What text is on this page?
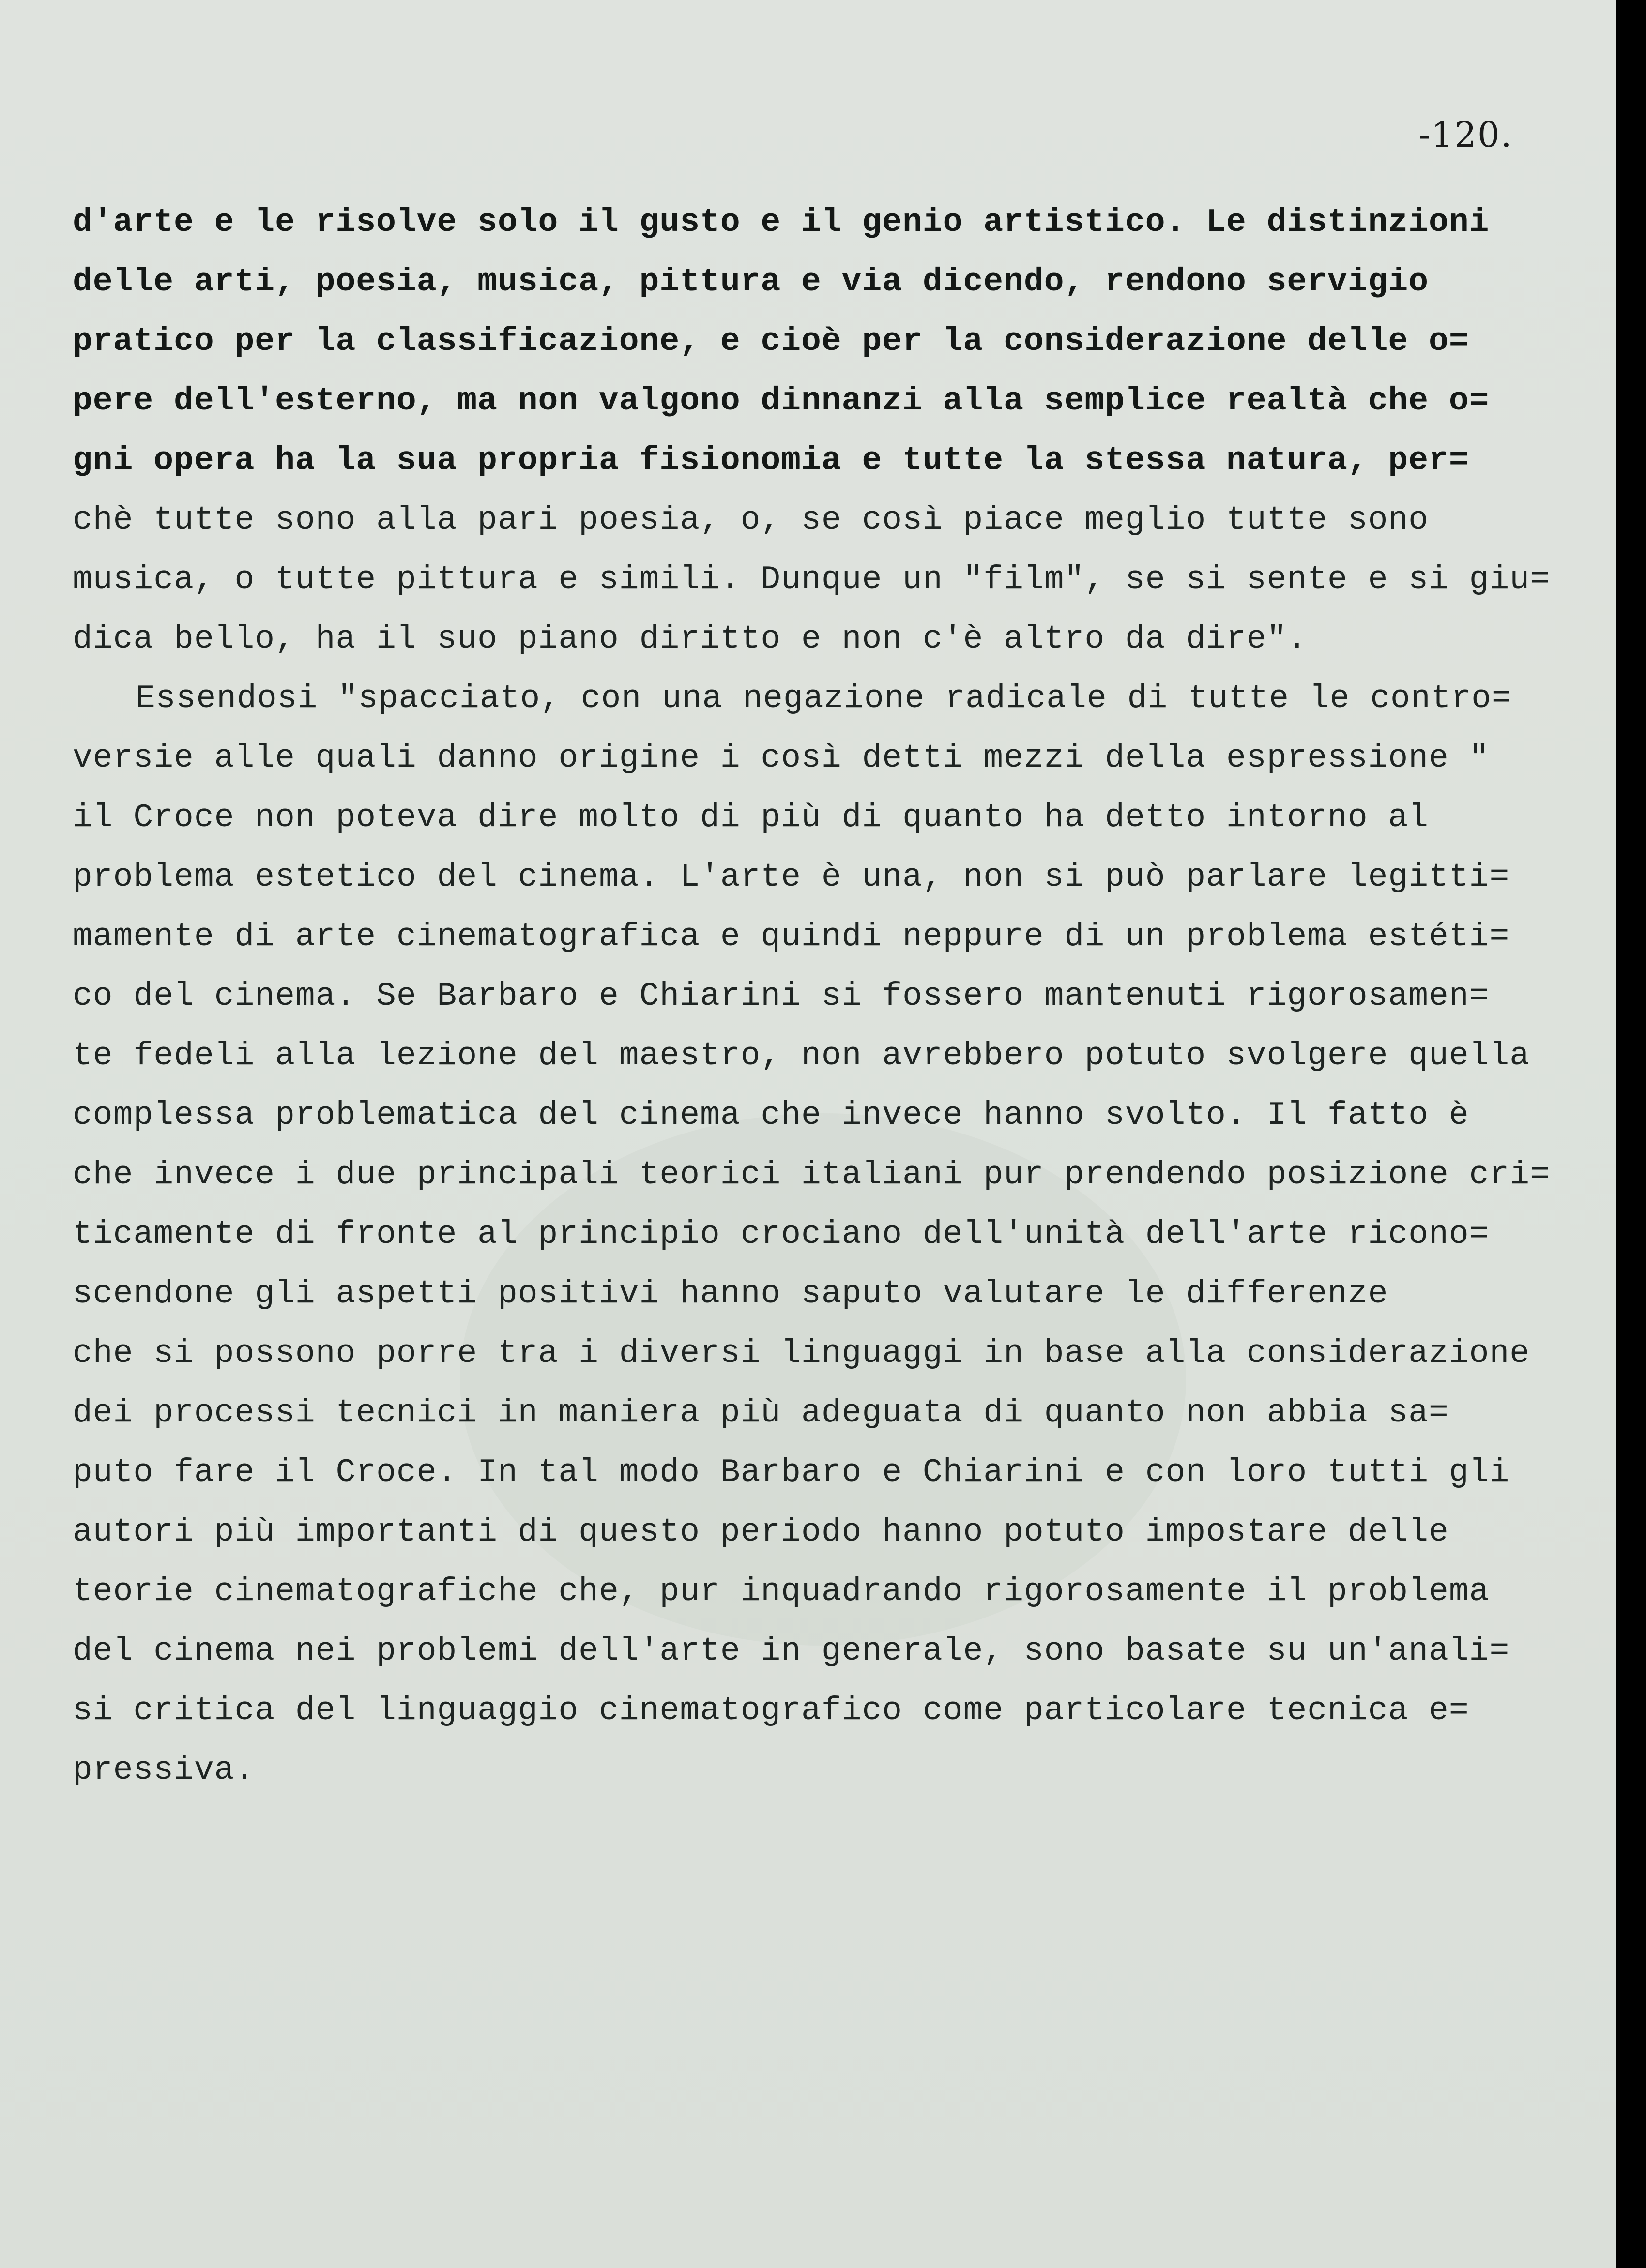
-120.
d'arte e le risolve solo il gusto e il genio artistico. Le distinzioni
delle arti, poesia, musica, pittura e via dicendo, rendono servigio
pratico per la classificazione, e cioè per la considerazione delle o=
pere dell'esterno, ma non valgono dinnanzi alla semplice realtà che o=
gni opera ha la sua propria fisionomia e tutte la stessa natura, per=
chè tutte sono alla pari poesia, o, se così piace meglio tutte sono
musica, o tutte pittura e simili. Dunque un "film", se si sente e si giu=
dica bello, ha il suo piano diritto e non c'è altro da dire".
Essendosi "spacciato, con una negazione radicale di tutte le contro=
versie alle quali danno origine i così detti mezzi della espressione "
il Croce non poteva dire molto di più di quanto ha detto intorno al
problema estetico del cinema. L'arte è una, non si può parlare legitti=
mamente di arte cinematografica e quindi neppure di un problema estéti=
co del cinema. Se Barbaro e Chiarini si fossero mantenuti rigorosamen=
te fedeli alla lezione del maestro, non avrebbero potuto svolgere quella
complessa problematica del cinema che invece hanno svolto. Il fatto è
che invece i due principali teorici italiani pur prendendo posizione cri=
ticamente di fronte al principio crociano dell'unità dell'arte ricono=
scendone gli aspetti positivi hanno saputo valutare le differenze
che si possono porre tra i diversi linguaggi in base alla considerazione
dei processi tecnici in maniera più adeguata di quanto non abbia sa=
puto fare il Croce. In tal modo Barbaro e Chiarini e con loro tutti gli
autori più importanti di questo periodo hanno potuto impostare delle
teorie cinematografiche che, pur inquadrando rigorosamente il problema
del cinema nei problemi dell'arte in generale, sono basate su un'anali=
si critica del linguaggio cinematografico come particolare tecnica e=
pressiva.
